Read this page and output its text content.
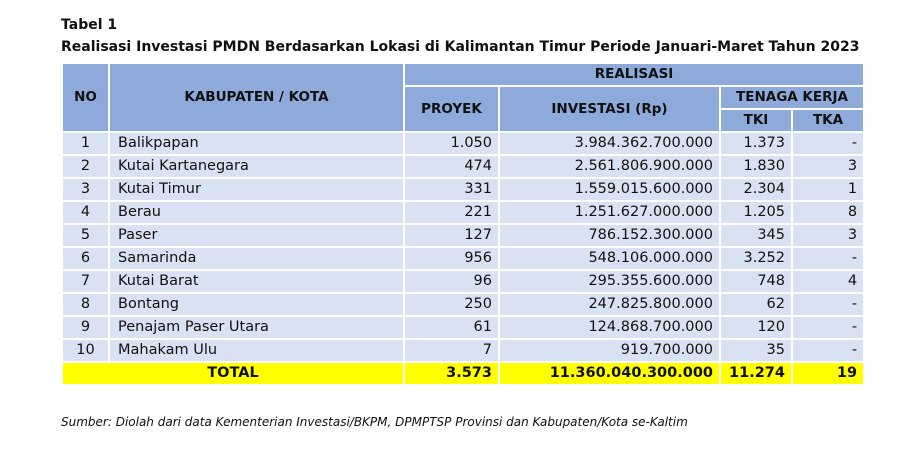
Tabel 1
Realisasi Investasi PMDN Berdasarkan Lokasi di Kalimantan Timur Periode Januari-Maret Tahun 2023
NO	KABUPATEN / KOTA	REALISASI			
		PROYEK	INVESTASI (Rp)	TENAGA KERJA	
				TKI	TKA
1	Balikpapan	1.050	3.984.362.700.000	1.373	-
2	Kutai Kartanegara	474	2.561.806.900.000	1.830	3
3	Kutai Timur	331	1.559.015.600.000	2.304	1
4	Berau	221	1.251.627.000.000	1.205	8
5	Paser	127	786.152.300.000	345	3
6	Samarinda	956	548.106.000.000	3.252	-
7	Kutai Barat	96	295.355.600.000	748	4
8	Bontang	250	247.825.800.000	62	-
9	Penajam Paser Utara	61	124.868.700.000	120	-
10	Mahakam Ulu	7	919.700.000	35	-
TOTAL		3.573	11.360.040.300.000	11.274	19
Sumber: Diolah dari data Kementerian Investasi/BKPM, DPMPTSP Provinsi dan Kabupaten/Kota se-Kaltim
